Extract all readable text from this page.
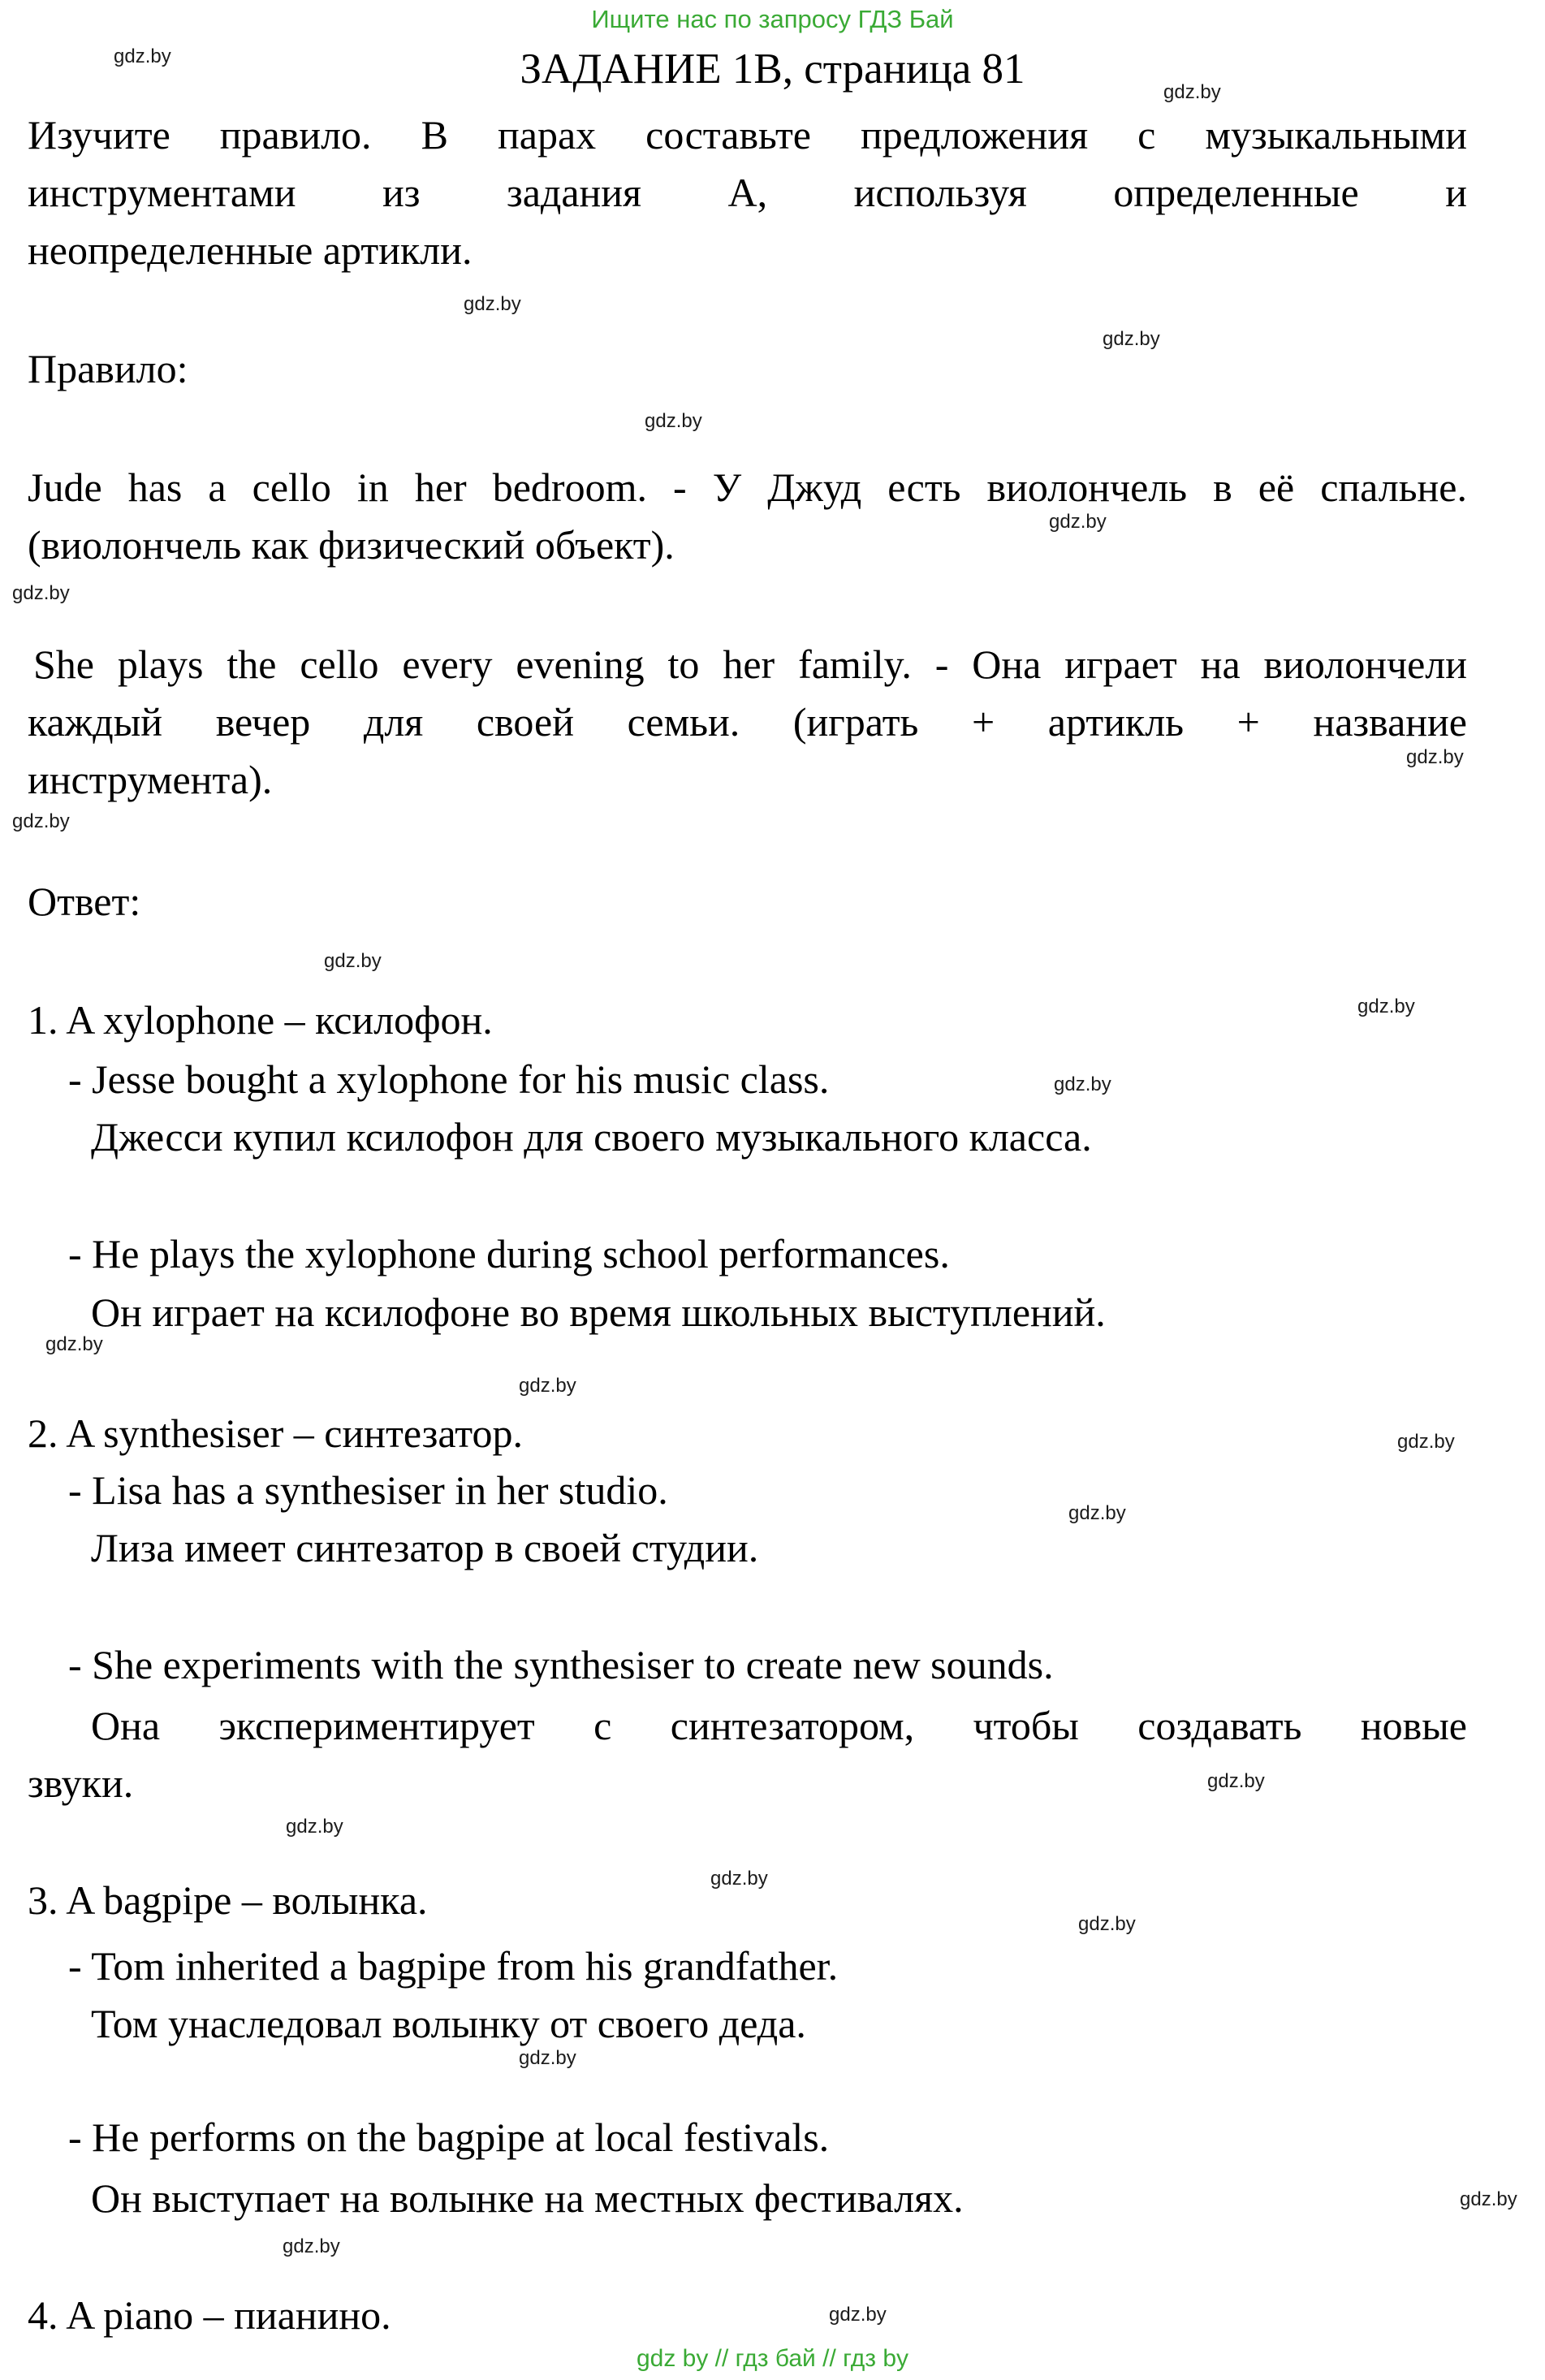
Ищите нас по запросу ГДЗ Бай
ЗАДАНИЕ 1В, страница 81
Изучите правило. В парах составьте предложения с музыкальными
инструментами из задания А, используя определенные и
неопределенные артикли.
Правило:
Jude has a cello in her bedroom. - У Джуд есть виолончель в её спальне.
(виолончель как физический объект).
She plays the cello every evening to her family. - Она играет на виолончели
каждый вечер для своей семьи. (играть + артикль + название
инструмента).
Ответ:
1. A xylophone – ксилофон.
- Jesse bought a xylophone for his music class.
Джесси купил ксилофон для своего музыкального класса.
- He plays the xylophone during school performances.
Он играет на ксилофоне во время школьных выступлений.
2. A synthesiser – синтезатор.
- Lisa has a synthesiser in her studio.
Лиза имеет синтезатор в своей студии.
- She experiments with the synthesiser to create new sounds.
Она экспериментирует с синтезатором, чтобы создавать новые
звуки.
3. A bagpipe – волынка.
- Tom inherited a bagpipe from his grandfather.
Том унаследовал волынку от своего деда.
- He performs on the bagpipe at local festivals.
Он выступает на волынке на местных фестивалях.
4. A piano – пианино.
gdz by // гдз бай // гдз by
gdz.by
gdz.by
gdz.by
gdz.by
gdz.by
gdz.by
gdz.by
gdz.by
gdz.by
gdz.by
gdz.by
gdz.by
gdz.by
gdz.by
gdz.by
gdz.by
gdz.by
gdz.by
gdz.by
gdz.by
gdz.by
gdz.by
gdz.by
gdz.by
